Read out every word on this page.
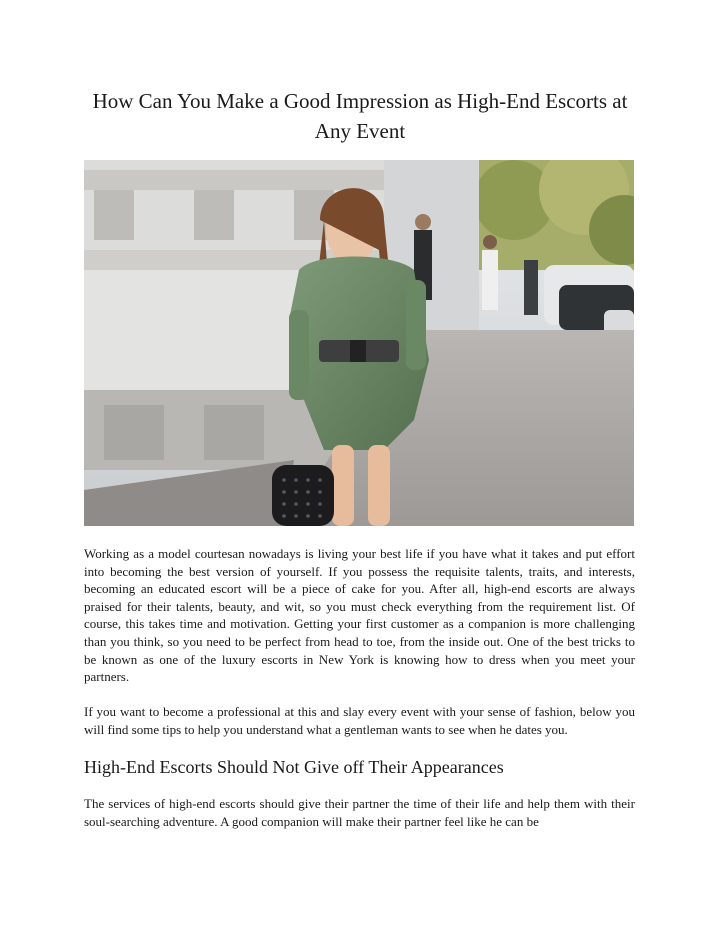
How Can You Make a Good Impression as High-End Escorts at Any Event

Working as a model courtesan nowadays is living your best life if you have what it takes and put effort into becoming the best version of yourself. If you possess the requisite talents, traits, and interests, becoming an educated escort will be a piece of cake for you. After all, high-end escorts are always praised for their talents, beauty, and wit, so you must check everything from the requirement list. Of course, this takes time and motivation. Getting your first customer as a companion is more challenging than you think, so you need to be perfect from head to toe, from the inside out. One of the best tricks to be known as one of the luxury escorts in New York is knowing how to dress when you meet your partners.

If you want to become a professional at this and slay every event with your sense of fashion, below you will find some tips to help you understand what a gentleman wants to see when he dates you.

High-End Escorts Should Not Give off Their Appearances

The services of high-end escorts should give their partner the time of their life and help them with their soul-searching adventure. A good companion will make their partner feel like he can be
